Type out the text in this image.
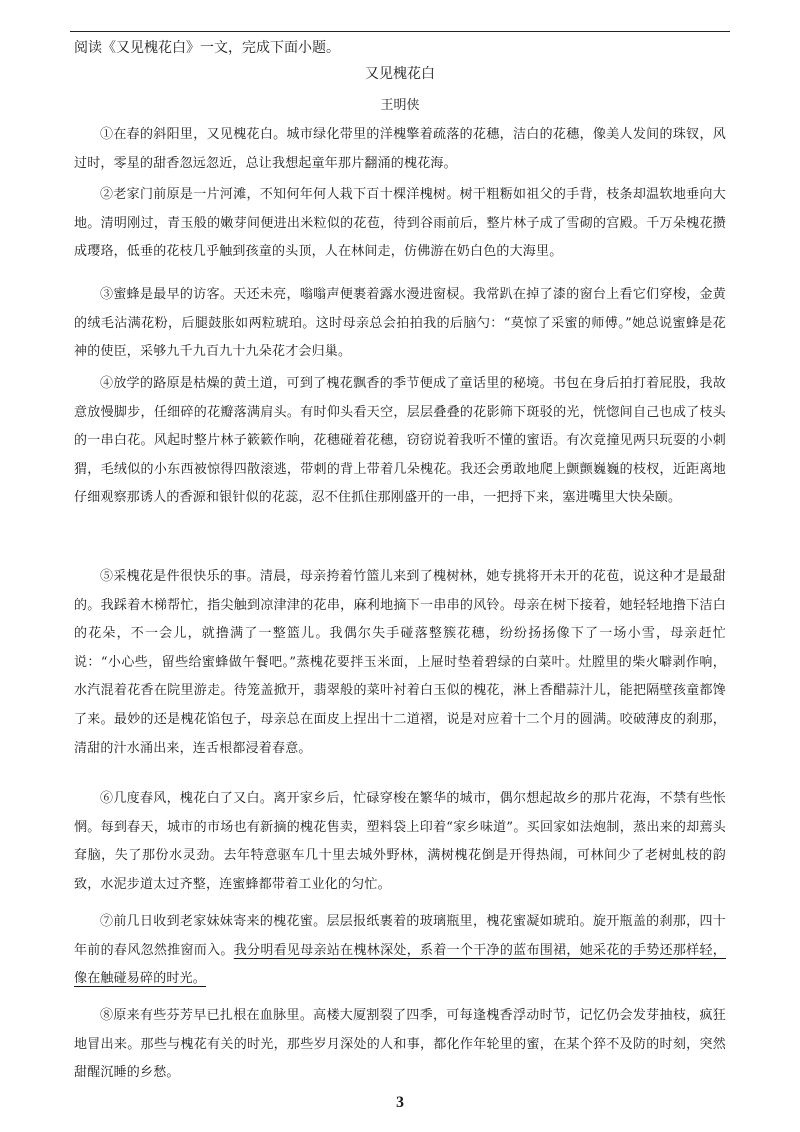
阅读《又见槐花白》一文，完成下面小题。
又见槐花白
王明侠

①在春的斜阳里，又见槐花白。城市绿化带里的洋槐擎着疏落的花穗，洁白的花穗，像美人发间的珠钗，风过时，零星的甜香忽远忽近，总让我想起童年那片翻涌的槐花海。

②老家门前原是一片河滩，不知何年何人栽下百十棵洋槐树。树干粗粝如祖父的手背，枝条却温软地垂向大地。清明刚过，青玉般的嫩芽间便进出米粒似的花苞，待到谷雨前后，整片林子成了雪砌的宫殿。千万朵槐花攒成璎珞，低垂的花枝几乎触到孩童的头顶，人在林间走，仿佛游在奶白色的大海里。

③蜜蜂是最早的访客。天还未亮，嗡嗡声便裹着露水漫进窗棂。我常趴在掉了漆的窗台上看它们穿梭，金黄的绒毛沾满花粉，后腿鼓胀如两粒琥珀。这时母亲总会拍拍我的后脑勺：“莫惊了采蜜的师傅。”她总说蜜蜂是花神的使臣，采够九千九百九十九朵花才会归巢。

④放学的路原是枯燥的黄土道，可到了槐花飘香的季节便成了童话里的秘境。书包在身后拍打着屁股，我故意放慢脚步，任细碎的花瓣落满肩头。有时仰头看天空，层层叠叠的花影筛下斑驳的光，恍惚间自己也成了枝头的一串白花。风起时整片林子簌簌作响，花穗碰着花穗，窃窃说着我听不懂的蜜语。有次竟撞见两只玩耍的小刺猬，毛绒似的小东西被惊得四散滚逃，带刺的背上带着几朵槐花。我还会勇敢地爬上颤颤巍巍的枝杈，近距离地仔细观察那诱人的香源和银针似的花蕊，忍不住抓住那刚盛开的一串，一把捋下来，塞进嘴里大快朵颐。

⑤采槐花是件很快乐的事。清晨，母亲挎着竹篮儿来到了槐树林，她专挑将开未开的花苞，说这种才是最甜的。我踩着木梯帮忙，指尖触到凉津津的花串，麻利地摘下一串串的风铃。母亲在树下接着，她轻轻地撸下洁白的花朵，不一会儿，就撸满了一整篮儿。我偶尔失手碰落整簇花穗，纷纷扬扬像下了一场小雪，母亲赶忙说：“小心些，留些给蜜蜂做午餐吧。”蒸槐花要拌玉米面，上屉时垫着碧绿的白菜叶。灶膛里的柴火噼剥作响，水汽混着花香在院里游走。待笼盖掀开，翡翠般的菜叶衬着白玉似的槐花，淋上香醋蒜汁儿，能把隔壁孩童都馋了来。最妙的还是槐花馅包子，母亲总在面皮上捏出十二道褶，说是对应着十二个月的圆满。咬破薄皮的刹那，清甜的汁水涌出来，连舌根都浸着春意。

⑥几度春风，槐花白了又白。离开家乡后，忙碌穿梭在繁华的城市，偶尔想起故乡的那片花海，不禁有些怅惘。每到春天，城市的市场也有新摘的槐花售卖，塑料袋上印着“家乡味道”。买回家如法炮制，蒸出来的却蔫头耷脑，失了那份水灵劲。去年特意驱车几十里去城外野林，满树槐花倒是开得热闹，可林间少了老树虬枝的韵致，水泥步道太过齐整，连蜜蜂都带着工业化的匀忙。

⑦前几日收到老家妹妹寄来的槐花蜜。层层报纸裹着的玻璃瓶里，槐花蜜凝如琥珀。旋开瓶盖的刹那，四十年前的春风忽然推窗而入。我分明看见母亲站在槐林深处，系着一个干净的蓝布围裙，她采花的手势还那样轻，像在触碰易碎的时光。

⑧原来有些芬芳早已扎根在血脉里。高楼大厦割裂了四季，可每逢槐香浮动时节，记忆仍会发芽抽枝，疯狂地冒出来。那些与槐花有关的时光，那些岁月深处的人和事，都化作年轮里的蜜，在某个猝不及防的时刻，突然甜醒沉睡的乡愁。

3
